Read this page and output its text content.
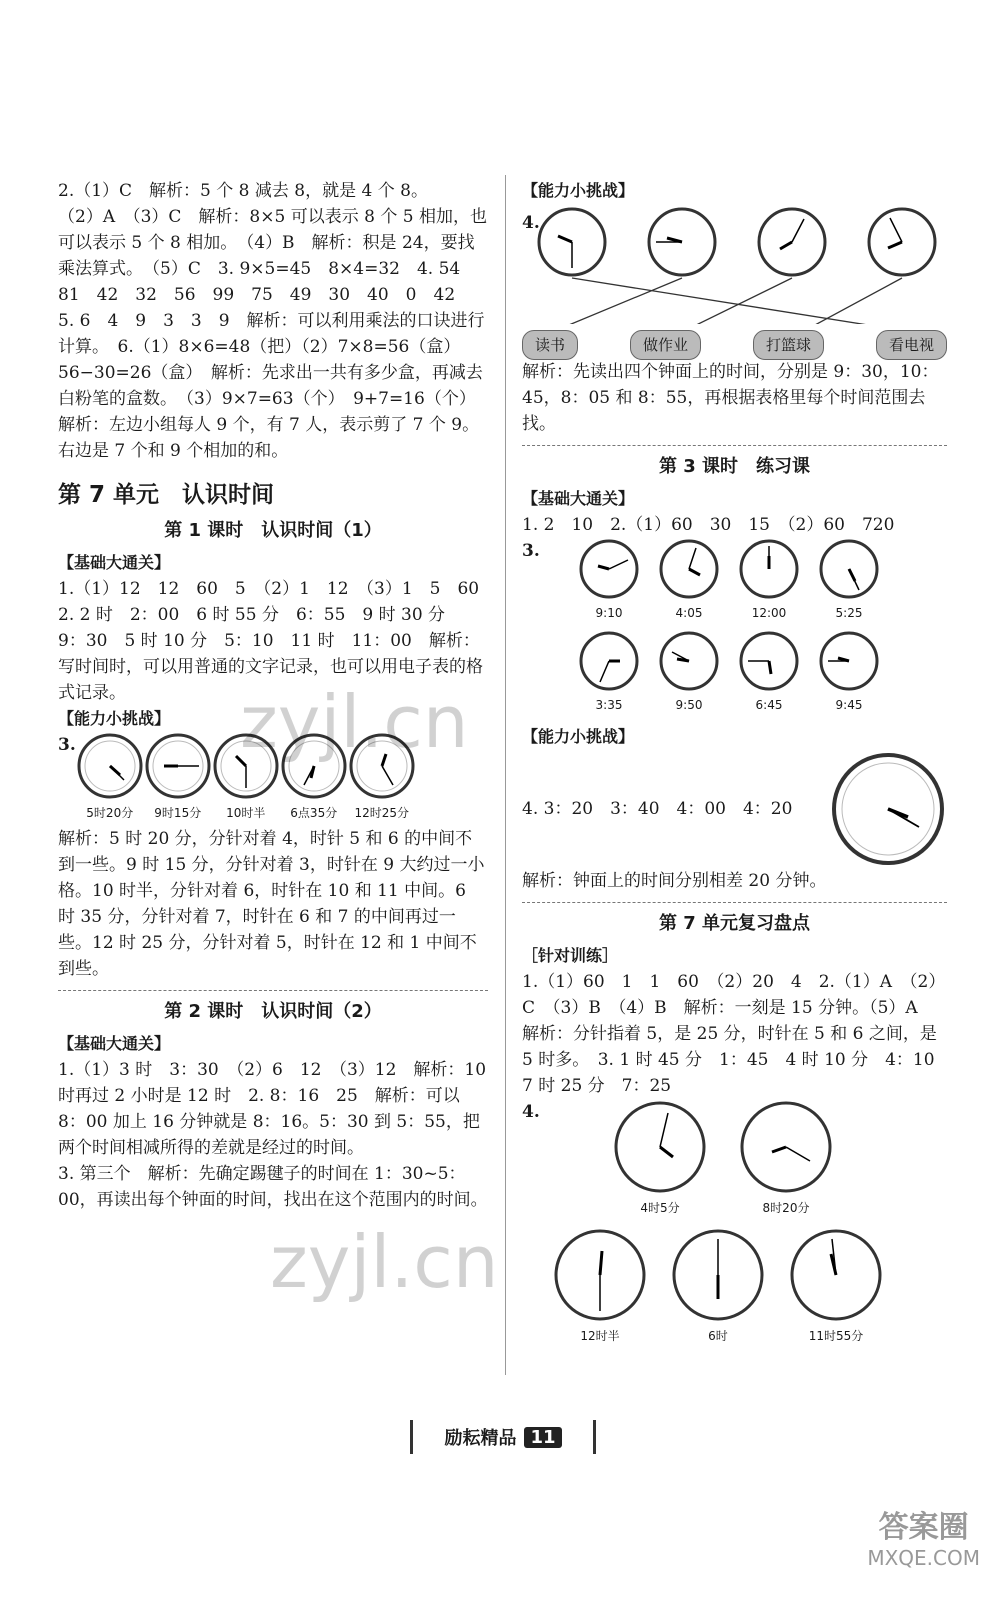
2.（1）C　解析：5 个 8 减去 8，就是 4 个 8。

（2）A　（3）C　解析：8×5 可以表示 8 个 5 相加，也可以表示 5 个 8 相加。　（4）B　解析：积是 24，要找乘法算式。　（5）C　3. 9×5=45　8×4=32　4. 54　81　42　32　56　99　75　49　30　40　0　42　5. 6　4　9　3　3　9　解析：可以利用乘法的口诀进行计算。　6.（1）8×6=48（把）（2）7×8=56（盒）　56−30=26（盒）　解析：先求出一共有多少盒，再减去白粉笔的盒数。　（3）9×7=63（个）　9+7=16（个）　解析：左边小组每人 9 个，有 7 人，表示剪了 7 个 9。右边是 7 个和 9 个相加的和。

第 7 单元　认识时间
第 1 课时　认识时间（1）
【基础大通关】

1.（1）12　12　60　5　（2）1　12　（3）1　5　60

2. 2 时　2：00　6 时 55 分　6：55　9 时 30 分　9：30　5 时 10 分　5：10　11 时　11：00　解析：写时间时，可以用普通的文字记录，也可以用电子表的格式记录。

【能力小挑战】
3.
5时20分	9时15分	10时半	6点35分	12时25分

解析：5 时 20 分，分针对着 4，时针 5 和 6 的中间不到一些。9 时 15 分，分针对着 3，时针在 9 大约过一小格。10 时半，分针对着 6，时针在 10 和 11 中间。6 时 35 分，分针对着 7，时针在 6 和 7 的中间再过一些。12 时 25 分，分针对着 5，时针在 12 和 1 中间不到些。

第 2 课时　认识时间（2）
【基础大通关】

1.（1）3 时　3：30　（2）6　12　（3）12　解析：10 时再过 2 小时是 12 时　2. 8：16　25　解析：可以 8：00 加上 16 分钟就是 8：16。5：30 到 5：55，把两个时间相减所得的差就是经过的时间。

3. 第三个　解析：先确定踢毽子的时间在 1：30~5：00，再读出每个钟面的时间，找出在这个范围内的时间。

【能力小挑战】
4.
读书	做作业	打篮球	看电视

解析：先读出四个钟面上的时间，分别是 9：30，10：45，8：05 和 8：55，再根据表格里每个时间范围去找。

第 3 课时　练习课
【基础大通关】

1. 2　10　2.（1）60　30　15　（2）60　720

3.
9:10	4:05	12:00	5:25
3:35	9:50	6:45	9:45
【能力小挑战】

4. 3：20　3：40　4：00　4：20

解析：钟面上的时间分别相差 20 分钟。

第 7 单元复习盘点
［针对训练］

1.（1）60　1　1　60　（2）20　4　2.（1）A　（2）C　（3）B　（4）B　解析：一刻是 15 分钟。（5）A　解析：分针指着 5，是 25 分，时针在 5 和 6 之间，是 5 时多。　3. 1 时 45 分　1：45　4 时 10 分　4：10　7 时 25 分　7：25

4.
4时5分	8时20分
12时半	6时	11时55分
励耘精品 11
zyjl.cn
zyjl.cn
答案圈
MXQE.COM
